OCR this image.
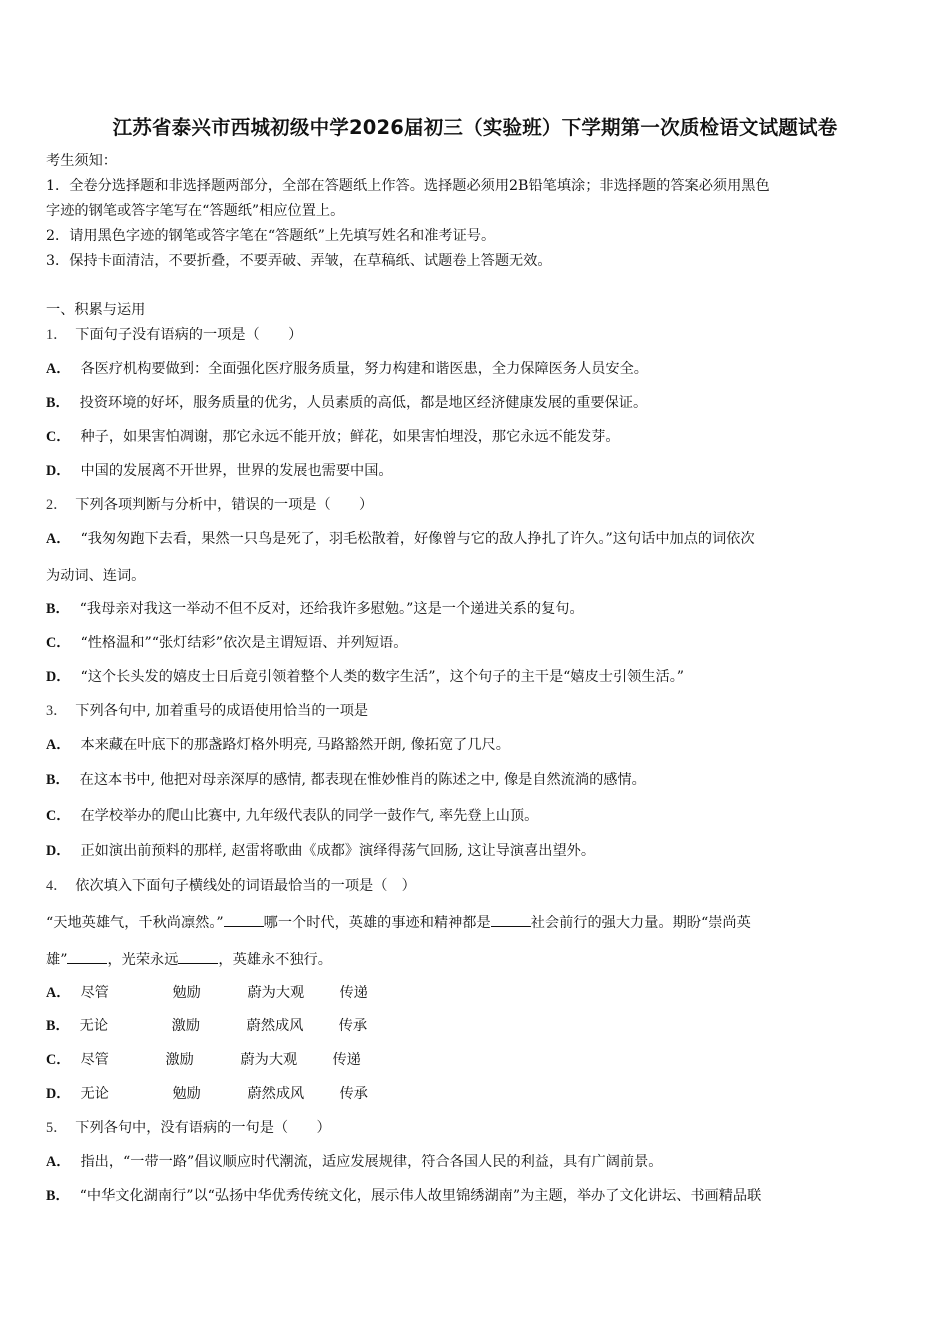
江苏省泰兴市西城初级中学2026届初三（实验班）下学期第一次质检语文试题试卷
考生须知：
1．全卷分选择题和非选择题两部分，全部在答题纸上作答。选择题必须用2B铅笔填涂；非选择题的答案必须用黑色
字迹的钢笔或答字笔写在“答题纸”相应位置上。
2．请用黑色字迹的钢笔或答字笔在“答题纸”上先填写姓名和准考证号。
3．保持卡面清洁，不要折叠，不要弄破、弄皱，在草稿纸、试题卷上答题无效。
一、积累与运用
1． 下面句子没有语病的一项是（　　）
A． 各医疗机构要做到：全面强化医疗服务质量，努力构建和谐医患，全力保障医务人员安全。
B． 投资环境的好坏，服务质量的优劣，人员素质的高低，都是地区经济健康发展的重要保证。
C． 种子，如果害怕凋谢，那它永远不能开放；鲜花，如果害怕埋没，那它永远不能发芽。
D． 中国的发展离不开世界，世界的发展也需要中国。
2． 下列各项判断与分析中，错误的一项是（　　）
A． “我匆匆跑下去看，果然一只鸟是死了，羽毛松散着，好像曾与它的敌人挣扎了许久。”这句话中加点的词依次
为动词、连词。
B． “我母亲对我这一举动不但不反对，还给我许多慰勉。”这是一个递进关系的复句。
C． “性格温和”“张灯结彩”依次是主谓短语、并列短语。
D． “这个长头发的嬉皮士日后竟引领着整个人类的数字生活”，这个句子的主干是“嬉皮士引领生活。”
3． 下列各句中, 加着重号的成语使用恰当的一项是
A． 本来藏在叶底下的那盏路灯格外明亮, 马路豁然开朗, 像拓宽了几尺。
B． 在这本书中, 他把对母亲深厚的感情, 都表现在惟妙惟肖的陈述之中, 像是自然流淌的感情。
C． 在学校举办的爬山比赛中, 九年级代表队的同学一鼓作气, 率先登上山顶。
D． 正如演出前预料的那样, 赵雷将歌曲《成都》演绎得荡气回肠, 这让导演喜出望外。
4． 依次填入下面句子横线处的词语最恰当的一项是（　）
“天地英雄气，千秋尚凛然。”	哪一个时代，英雄的事迹和精神都是	社会前行的强大力量。期盼“崇尚英
雄”	，光荣永远	，英雄永不独行。
A． 尽管	勉励	蔚为大观 传递
B． 无论	激励	蔚然成风 传承
C． 尽管	激励	蔚为大观 传递
D． 无论	勉励	蔚然成风 传承
5． 下列各句中，没有语病的一句是（　　）
A． 指出，“一带一路”倡议顺应时代潮流，适应发展规律，符合各国人民的利益，具有广阔前景。
B． “中华文化湖南行”以“弘扬中华优秀传统文化，展示伟人故里锦绣湖南”为主题，举办了文化讲坛、书画精品联
